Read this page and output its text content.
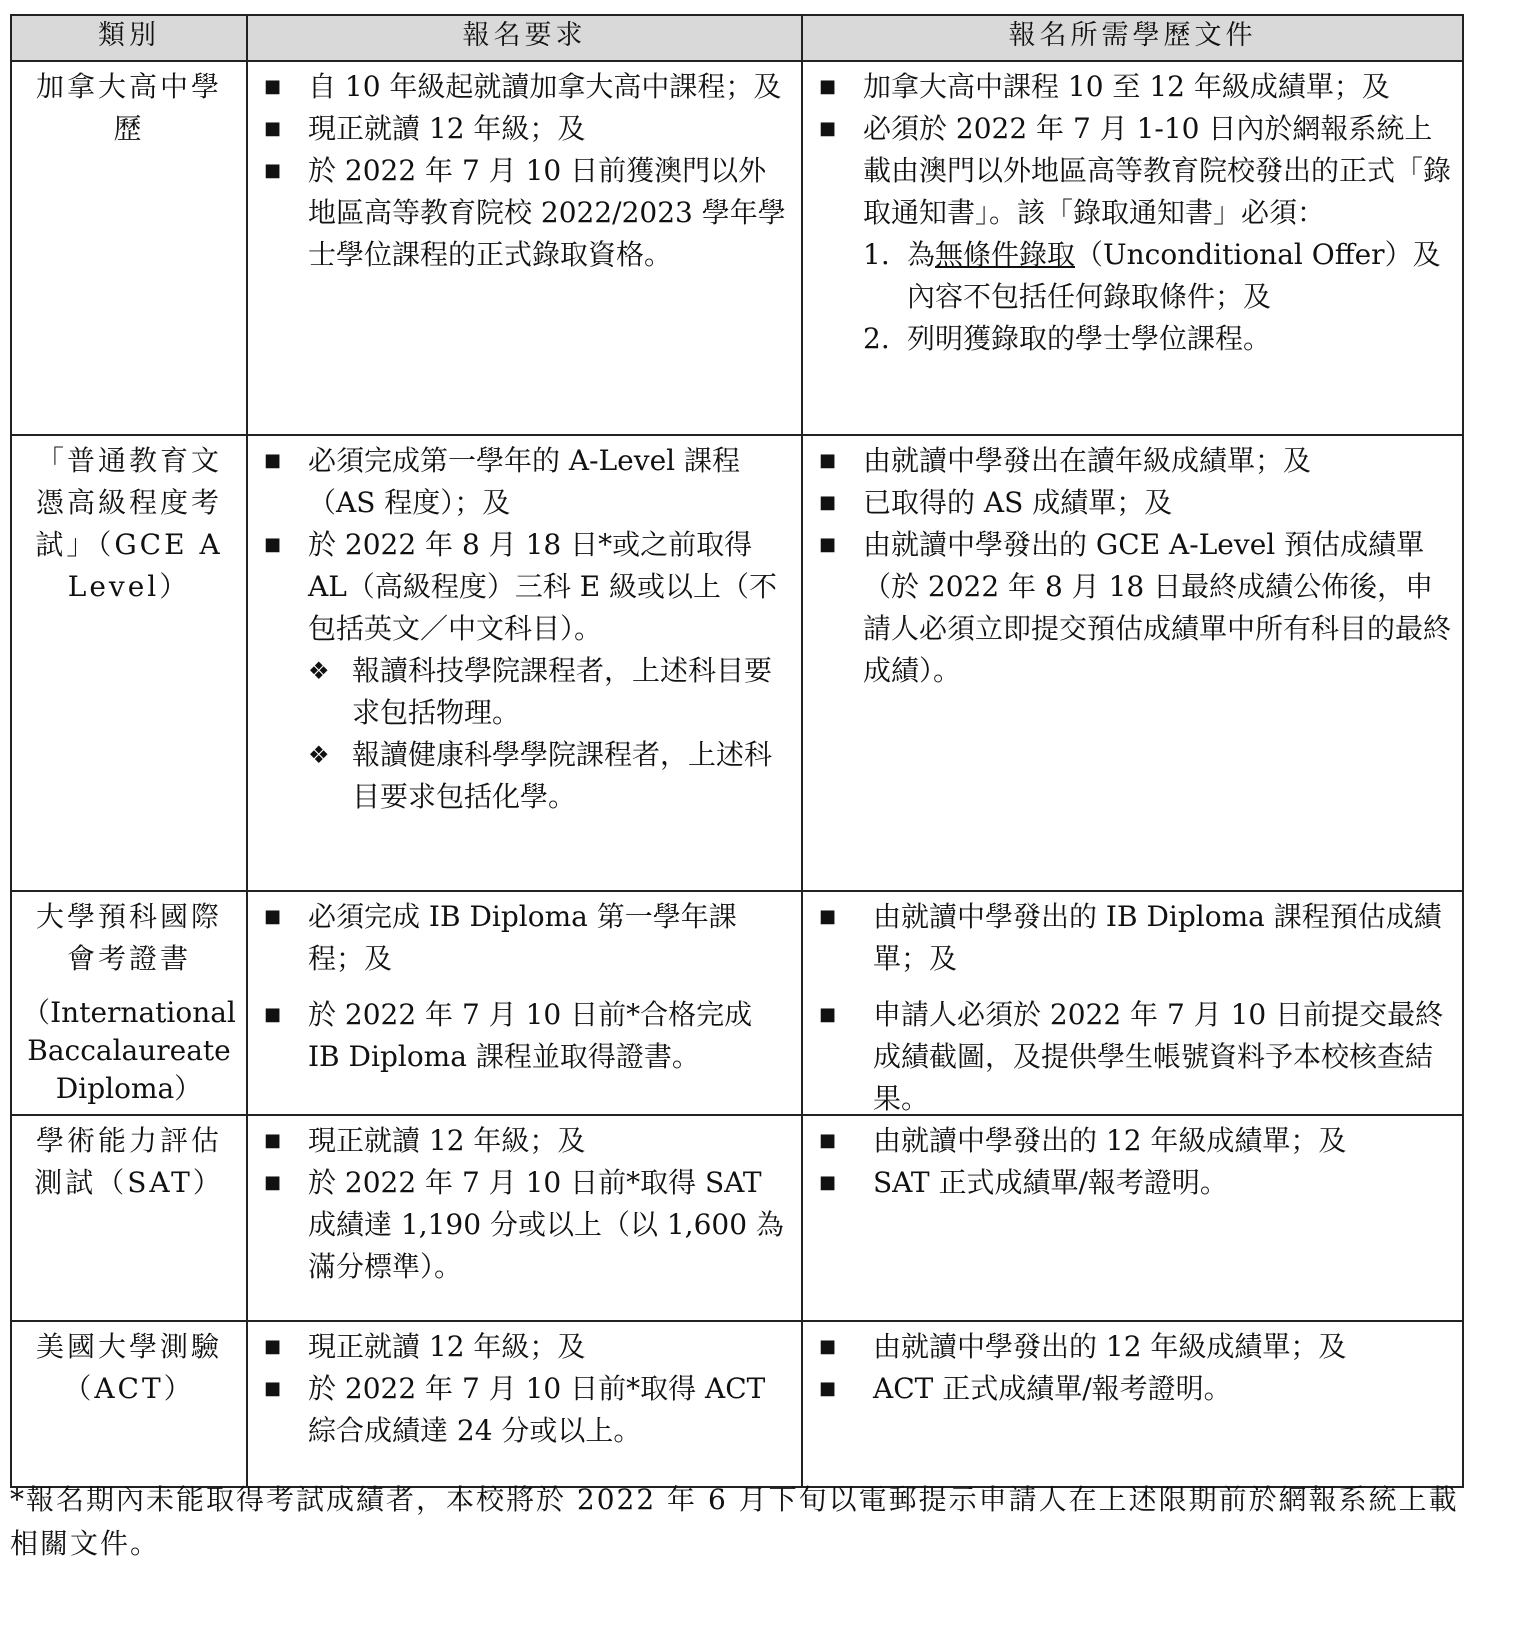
類別	報名要求	報名所需學歷文件
加拿大高中學歷
■ 自 10 年級起就讀加拿大高中課程；及
■ 現正就讀 12 年級；及
■ 於 2022 年 7 月 10 日前獲澳門以外地區高等教育院校 2022/2023 學年學士學位課程的正式錄取資格。
■ 加拿大高中課程 10 至 12 年級成績單；及
■ 必須於 2022 年 7 月 1-10 日內於網報系統上載由澳門以外地區高等教育院校發出的正式「錄取通知書」。該「錄取通知書」必須：
1. 為無條件錄取（Unconditional Offer）及內容不包括任何錄取條件；及
2. 列明獲錄取的學士學位課程。
「普通教育文憑高級程度考試」（GCE A Level）
■ 必須完成第一學年的 A-Level 課程（AS 程度）；及
■ 於 2022 年 8 月 18 日*或之前取得 AL（高級程度）三科 E 級或以上（不包括英文／中文科目）。
❖ 報讀科技學院課程者，上述科目要求包括物理。
❖ 報讀健康科學學院課程者，上述科目要求包括化學。
■ 由就讀中學發出在讀年級成績單；及
■ 已取得的 AS 成績單；及
■ 由就讀中學發出的 GCE A-Level 預估成績單（於 2022 年 8 月 18 日最終成績公佈後，申請人必須立即提交預估成績單中所有科目的最終成績）。
大學預科國際會考證書
（International Baccalaureate Diploma）
■ 必須完成 IB Diploma 第一學年課程；及
■ 於 2022 年 7 月 10 日前*合格完成 IB Diploma 課程並取得證書。
■ 由就讀中學發出的 IB Diploma 課程預估成績單；及
■ 申請人必須於 2022 年 7 月 10 日前提交最終成績截圖，及提供學生帳號資料予本校核查結果。
學術能力評估測試（SAT）
■ 現正就讀 12 年級；及
■ 於 2022 年 7 月 10 日前*取得 SAT 成績達 1,190 分或以上（以 1,600 為滿分標準）。
■ 由就讀中學發出的 12 年級成績單；及
■ SAT 正式成績單/報考證明。
美國大學測驗（ACT）
■ 現正就讀 12 年級；及
■ 於 2022 年 7 月 10 日前*取得 ACT 綜合成績達 24 分或以上。
■ 由就讀中學發出的 12 年級成績單；及
■ ACT 正式成績單/報考證明。
*報名期內未能取得考試成績者，本校將於 2022 年 6 月下旬以電郵提示申請人在上述限期前於網報系統上載相關文件。
